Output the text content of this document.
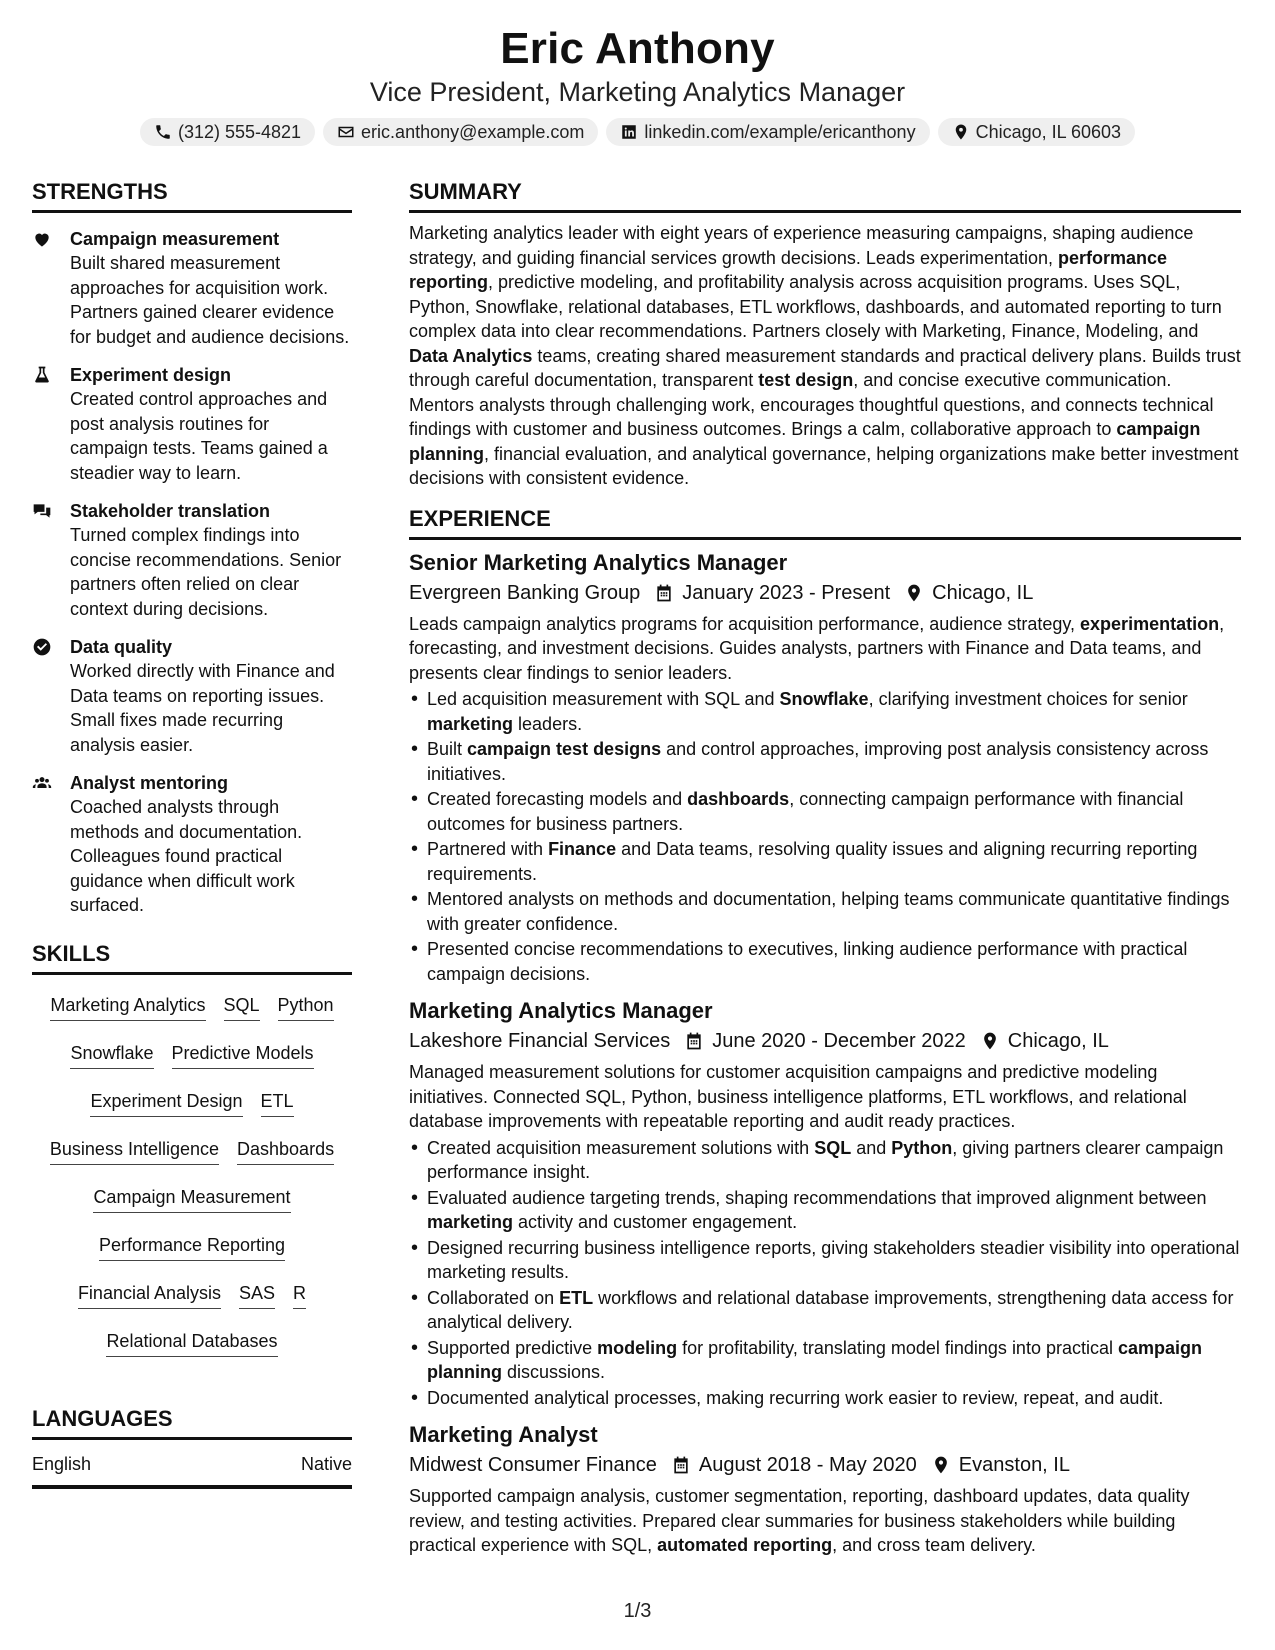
Eric Anthony
Vice President, Marketing Analytics Manager
(312) 555-4821	eric.anthony@example.com	linkedin.com/example/ericanthony	Chicago, IL 60603
STRENGTHS
Campaign measurement
Built shared measurement approaches for acquisition work. Partners gained clearer evidence for budget and audience decisions.
Experiment design
Created control approaches and post analysis routines for campaign tests. Teams gained a steadier way to learn.
Stakeholder translation
Turned complex findings into concise recommendations. Senior partners often relied on clear context during decisions.
Data quality
Worked directly with Finance and Data teams on reporting issues. Small fixes made recurring analysis easier.
Analyst mentoring
Coached analysts through methods and documentation. Colleagues found practical guidance when difficult work surfaced.
SKILLS
Marketing Analytics SQL Python
Snowflake Predictive Models
Experiment Design ETL
Business Intelligence Dashboards
Campaign Measurement
Performance Reporting
Financial Analysis SAS R
Relational Databases
LANGUAGES
English	Native
SUMMARY
Marketing analytics leader with eight years of experience measuring campaigns, shaping audience strategy, and guiding financial services growth decisions. Leads experimentation, performance reporting, predictive modeling, and profitability analysis across acquisition programs. Uses SQL, Python, Snowflake, relational databases, ETL workflows, dashboards, and automated reporting to turn complex data into clear recommendations. Partners closely with Marketing, Finance, Modeling, and Data Analytics teams, creating shared measurement standards and practical delivery plans. Builds trust through careful documentation, transparent test design, and concise executive communication. Mentors analysts through challenging work, encourages thoughtful questions, and connects technical findings with customer and business outcomes. Brings a calm, collaborative approach to campaign planning, financial evaluation, and analytical governance, helping organizations make better investment decisions with consistent evidence.
EXPERIENCE
Senior Marketing Analytics Manager
Evergreen Banking Group January 2023 - Present Chicago, IL
Leads campaign analytics programs for acquisition performance, audience strategy, experimentation, forecasting, and investment decisions. Guides analysts, partners with Finance and Data teams, and presents clear findings to senior leaders.
• Led acquisition measurement with SQL and Snowflake, clarifying investment choices for senior marketing leaders.
• Built campaign test designs and control approaches, improving post analysis consistency across initiatives.
• Created forecasting models and dashboards, connecting campaign performance with financial outcomes for business partners.
• Partnered with Finance and Data teams, resolving quality issues and aligning recurring reporting requirements.
• Mentored analysts on methods and documentation, helping teams communicate quantitative findings with greater confidence.
• Presented concise recommendations to executives, linking audience performance with practical campaign decisions.
Marketing Analytics Manager
Lakeshore Financial Services June 2020 - December 2022 Chicago, IL
Managed measurement solutions for customer acquisition campaigns and predictive modeling initiatives. Connected SQL, Python, business intelligence platforms, ETL workflows, and relational database improvements with repeatable reporting and audit ready practices.
• Created acquisition measurement solutions with SQL and Python, giving partners clearer campaign performance insight.
• Evaluated audience targeting trends, shaping recommendations that improved alignment between marketing activity and customer engagement.
• Designed recurring business intelligence reports, giving stakeholders steadier visibility into operational marketing results.
• Collaborated on ETL workflows and relational database improvements, strengthening data access for analytical delivery.
• Supported predictive modeling for profitability, translating model findings into practical campaign planning discussions.
• Documented analytical processes, making recurring work easier to review, repeat, and audit.
Marketing Analyst
Midwest Consumer Finance August 2018 - May 2020 Evanston, IL
Supported campaign analysis, customer segmentation, reporting, dashboard updates, data quality review, and testing activities. Prepared clear summaries for business stakeholders while building practical experience with SQL, automated reporting, and cross team delivery.
1/3
